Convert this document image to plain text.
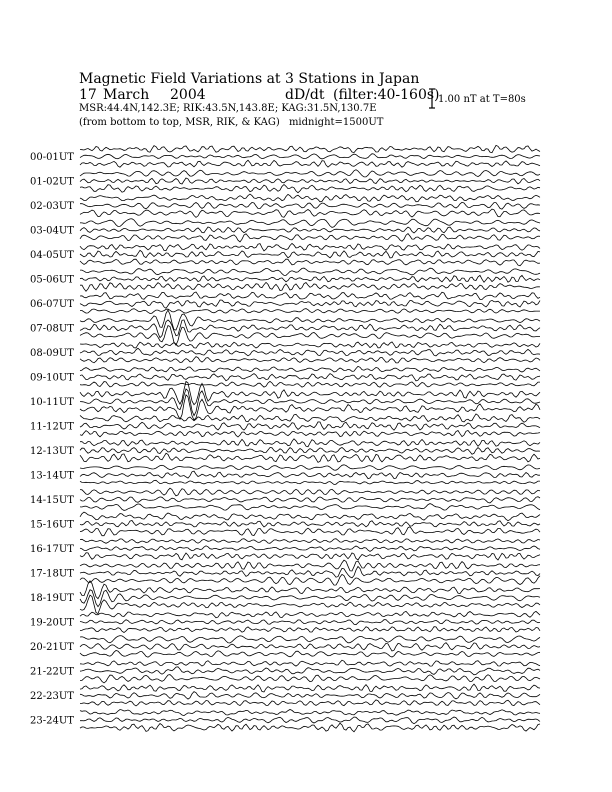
Magnetic Field Variations at 3 Stations in Japan
17 March 2004	dD/dt (filter:40-160s)
MSR:44.4N,142.3E; RIK:43.5N,143.8E; KAG:31.5N,130.7E
(from bottom to top, MSR, RIK, & KAG) midnight=1500UT
1.00 nT at T=80s
00-01UT
01-02UT
02-03UT
03-04UT
04-05UT
05-06UT
06-07UT
07-08UT
08-09UT
09-10UT
10-11UT
11-12UT
12-13UT
13-14UT
14-15UT
15-16UT
16-17UT
17-18UT
18-19UT
19-20UT
20-21UT
21-22UT
22-23UT
23-24UT
